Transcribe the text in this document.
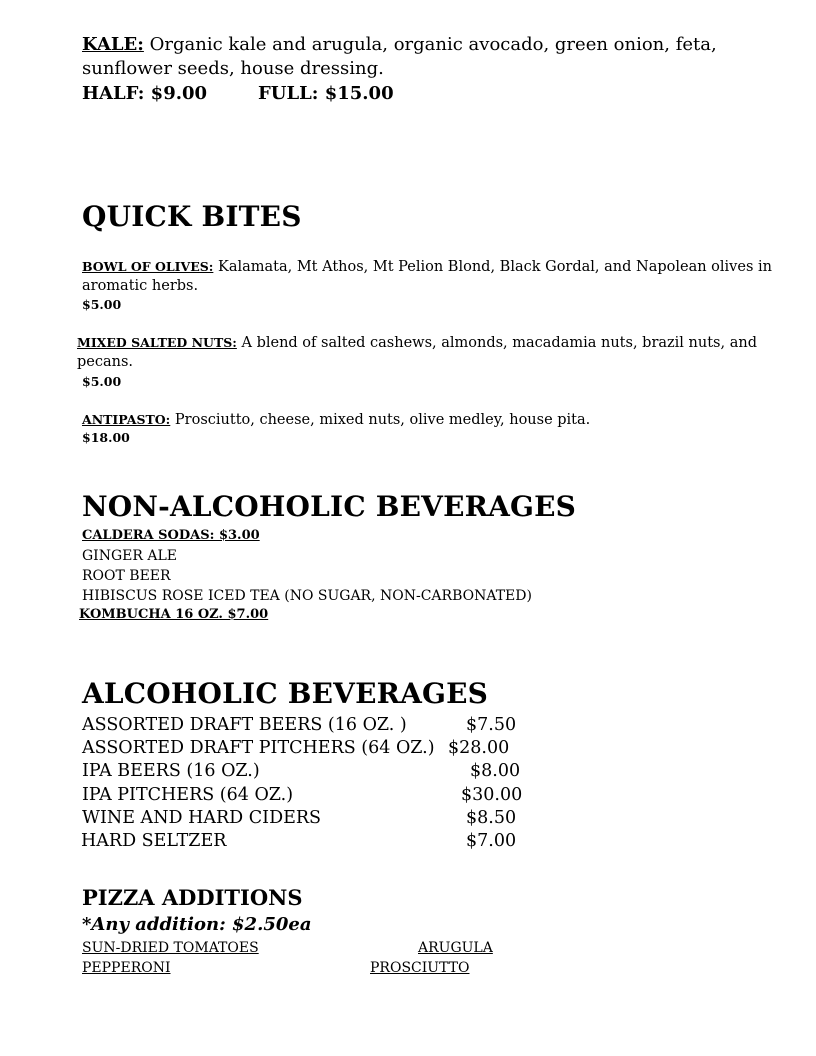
KALE: Organic kale and arugula, organic avocado, green onion, feta,
sunflower seeds, house dressing.
HALF: $9.00	FULL: $15.00
QUICK BITES
BOWL OF OLIVES: Kalamata, Mt Athos, Mt Pelion Blond, Black Gordal, and Napolean olives in aromatic herbs.
$5.00
MIXED SALTED NUTS: A blend of salted cashews, almonds, macadamia nuts, brazil nuts, and pecans.
$5.00
ANTIPASTO: Prosciutto, cheese, mixed nuts, olive medley, house pita.
$18.00
NON-ALCOHOLIC BEVERAGES
CALDERA SODAS: $3.00
GINGER ALE
ROOT BEER
HIBISCUS ROSE ICED TEA (NO SUGAR, NON-CARBONATED)
KOMBUCHA 16 OZ. $7.00
ALCOHOLIC BEVERAGES
ASSORTED DRAFT BEERS (16 OZ. )	$7.50
ASSORTED DRAFT PITCHERS (64 OZ.) $28.00
IPA BEERS (16 OZ.)	$8.00
IPA PITCHERS (64 OZ.)	$30.00
WINE AND HARD CIDERS	$8.50
HARD SELTZER	$7.00
PIZZA ADDITIONS
*Any addition: $2.50ea
SUN-DRIED TOMATOES	ARUGULA
PEPPERONI	PROSCIUTTO
